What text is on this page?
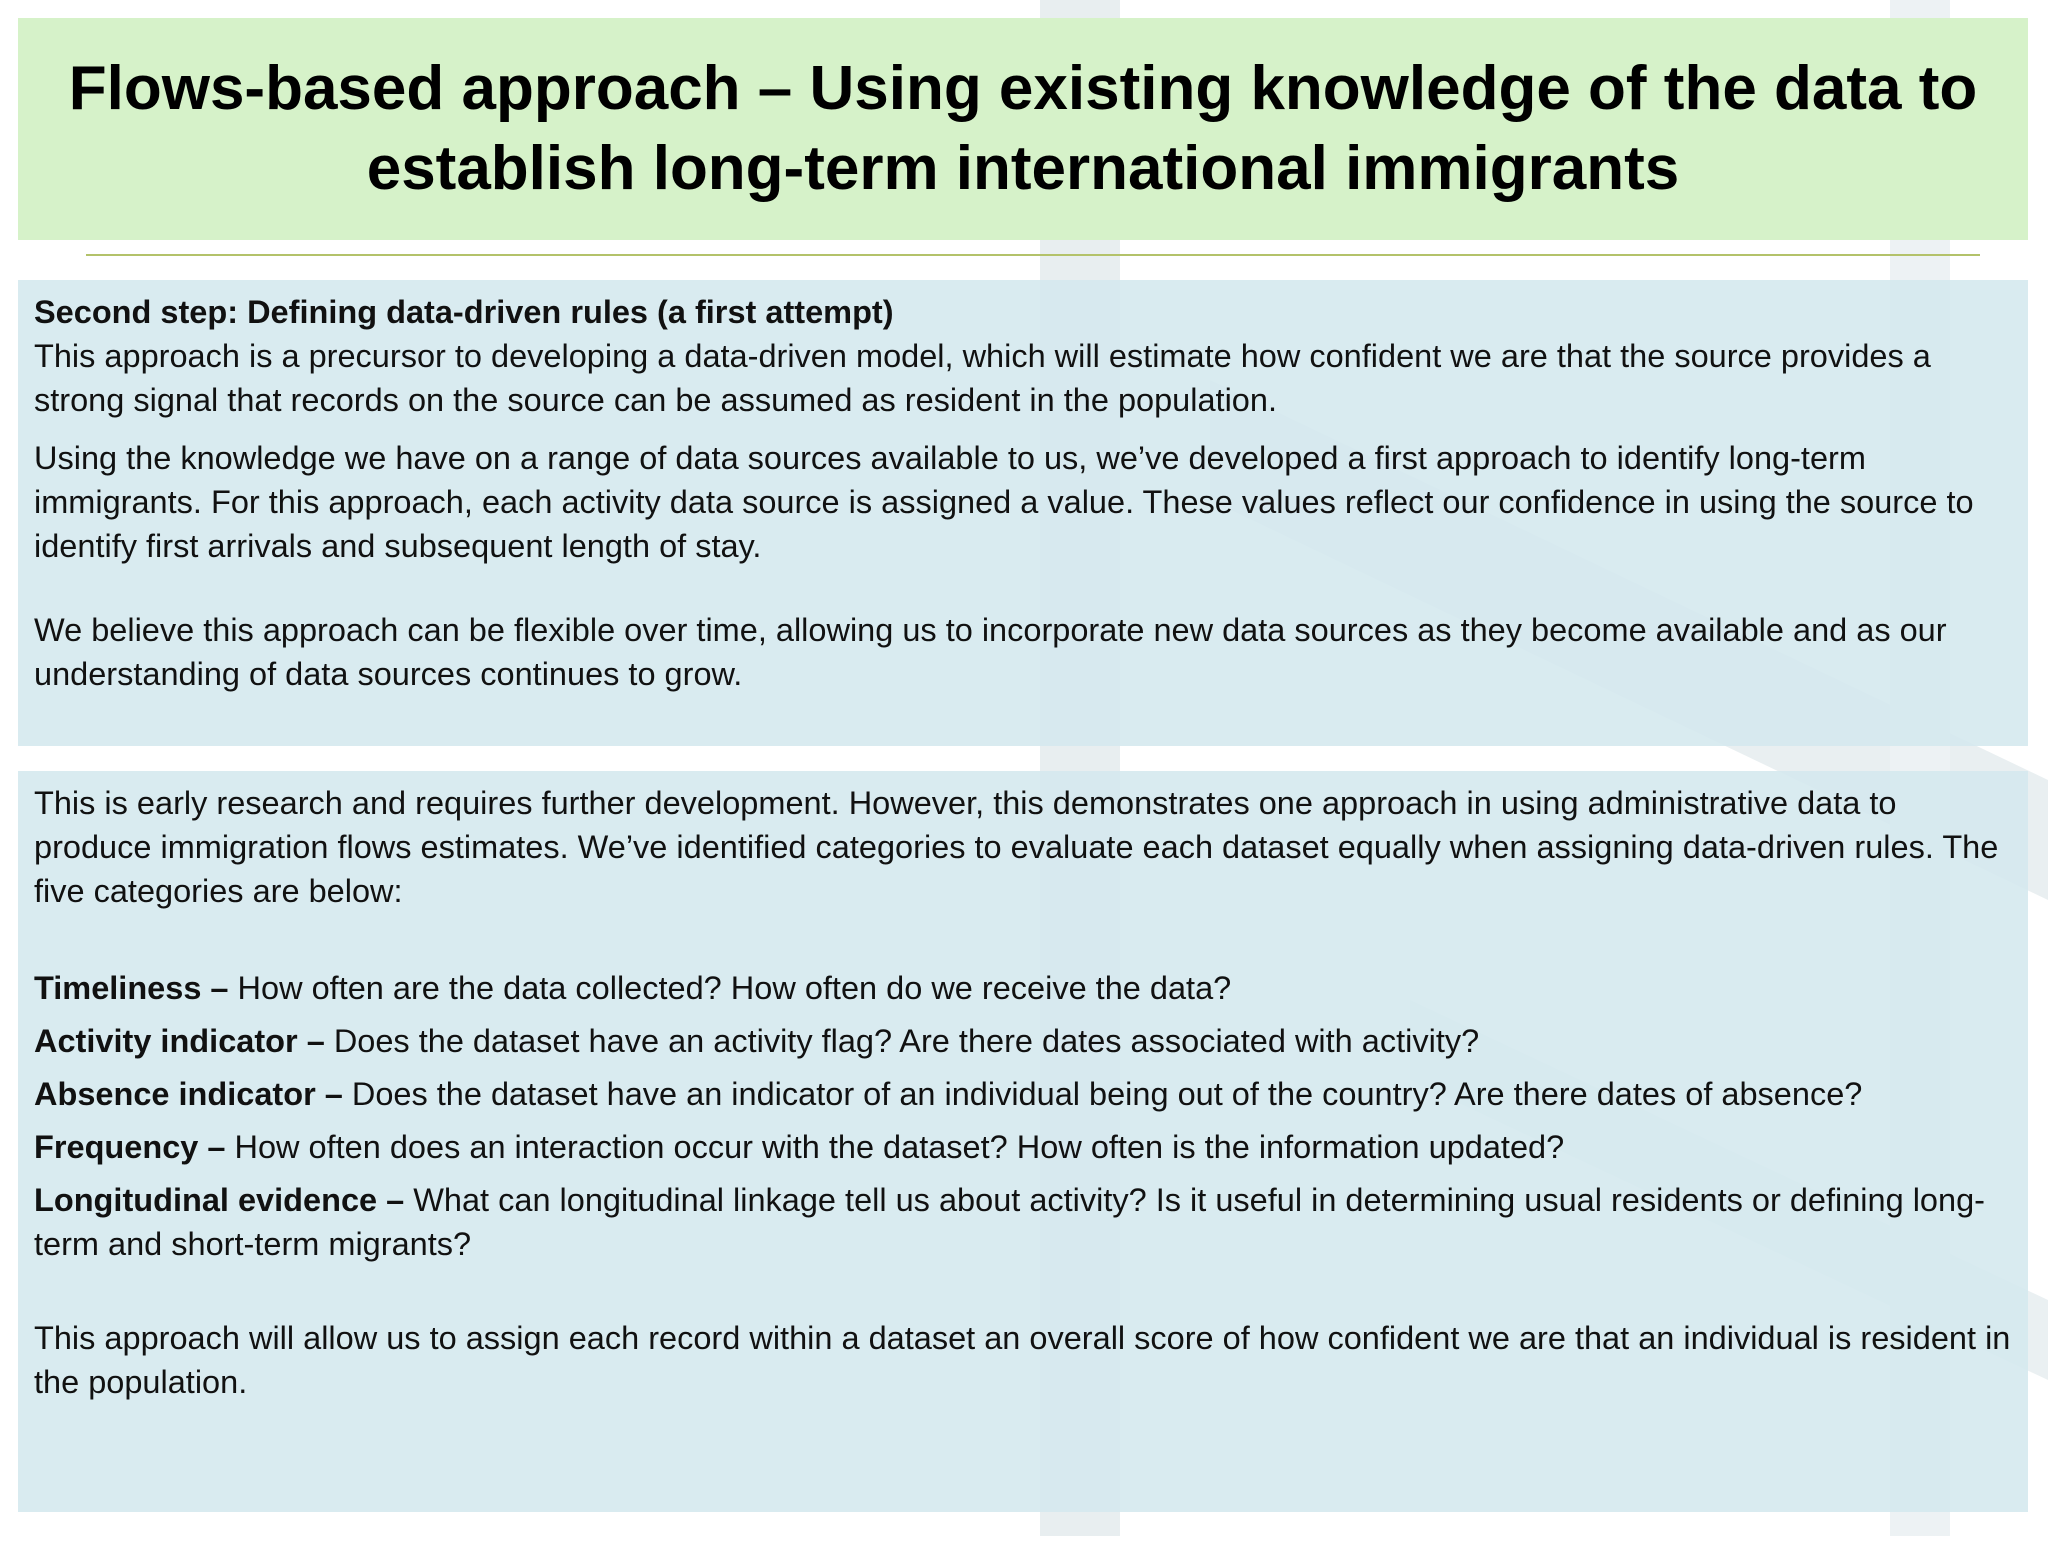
Flows-based approach – Using existing knowledge of the data to establish long-term international immigrants

Second step: Defining data-driven rules (a first attempt)

This approach is a precursor to developing a data-driven model, which will estimate how confident we are that the source provides a strong signal that records on the source can be assumed as resident in the population.

Using the knowledge we have on a range of data sources available to us, we’ve developed a first approach to identify long-term immigrants. For this approach, each activity data source is assigned a value. These values reflect our confidence in using the source to identify first arrivals and subsequent length of stay.

We believe this approach can be flexible over time, allowing us to incorporate new data sources as they become available and as our understanding of data sources continues to grow.

This is early research and requires further development. However, this demonstrates one approach in using administrative data to produce immigration flows estimates. We’ve identified categories to evaluate each dataset equally when assigning data-driven rules. The five categories are below:

Timeliness – How often are the data collected? How often do we receive the data?

Activity indicator – Does the dataset have an activity flag? Are there dates associated with activity?

Absence indicator – Does the dataset have an indicator of an individual being out of the country? Are there dates of absence?

Frequency – How often does an interaction occur with the dataset? How often is the information updated?

Longitudinal evidence – What can longitudinal linkage tell us about activity? Is it useful in determining usual residents or defining long-term and short-term migrants?

This approach will allow us to assign each record within a dataset an overall score of how confident we are that an individual is resident in the population.
